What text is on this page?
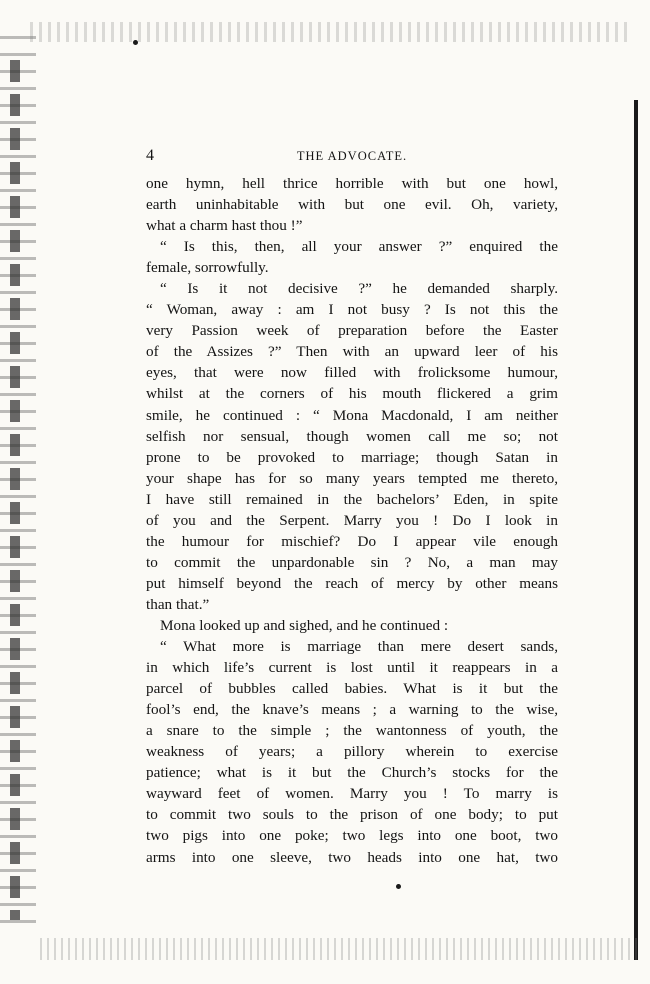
4	THE ADVOCATE.
one hymn, hell thrice horrible with but one howl,
earth uninhabitable with but one evil. Oh, variety,
what a charm hast thou !”
“ Is this, then, all your answer ?” enquired the
female, sorrowfully.
“ Is it not decisive ?” he demanded sharply.
“ Woman, away : am I not busy ? Is not this the
very Passion week of preparation before the Easter
of the Assizes ?” Then with an upward leer of his
eyes, that were now filled with frolicksome humour,
whilst at the corners of his mouth flickered a grim
smile, he continued : “ Mona Macdonald, I am neither
selfish nor sensual, though women call me so; not
prone to be provoked to marriage; though Satan in
your shape has for so many years tempted me thereto,
I have still remained in the bachelors’ Eden, in spite
of you and the Serpent. Marry you ! Do I look in
the humour for mischief? Do I appear vile enough
to commit the unpardonable sin ? No, a man may
put himself beyond the reach of mercy by other means
than that.”
Mona looked up and sighed, and he continued :
“ What more is marriage than mere desert sands,
in which life’s current is lost until it reappears in a
parcel of bubbles called babies. What is it but the
fool’s end, the knave’s means ; a warning to the wise,
a snare to the simple ; the wantonness of youth, the
weakness of years; a pillory wherein to exercise
patience; what is it but the Church’s stocks for the
wayward feet of women. Marry you ! To marry is
to commit two souls to the prison of one body; to put
two pigs into one poke; two legs into one boot, two
arms into one sleeve, two heads into one hat, two
